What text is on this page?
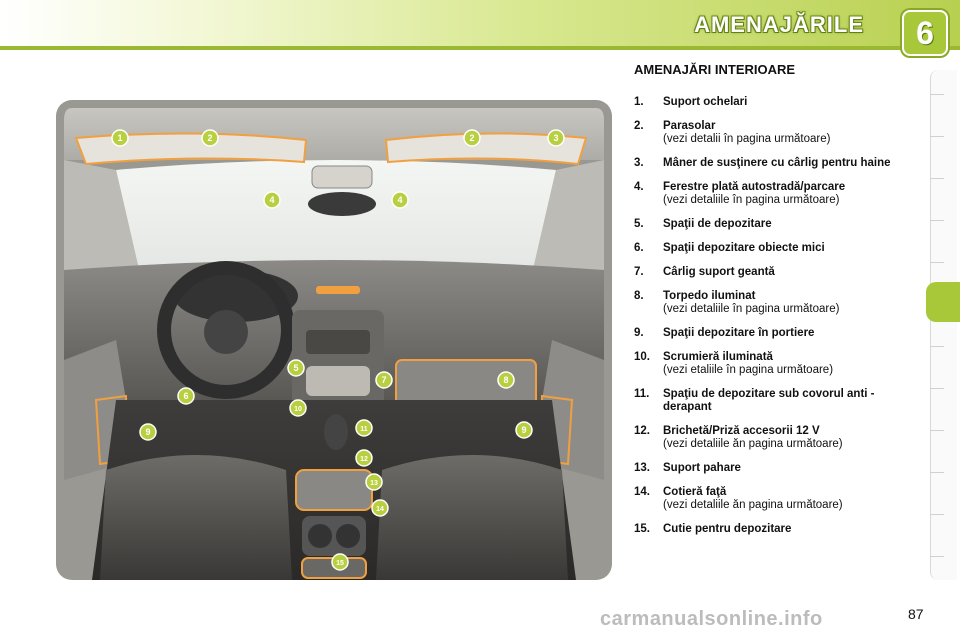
AMENAJĂRILE	6
1	2	2	3
4	4
5
6
7	8
9	9
10
11
12
13
14
15
AMENAJĂRI INTERIOARE
1. Suport ochelari
2. Parasolar
(vezi detalii în pagina următoare)
3. Mâner de susţinere cu cârlig pentru haine
4. Ferestre plată autostradă/parcare
(vezi detaliile în pagina următoare)
5. Spaţii de depozitare
6. Spaţii depozitare obiecte mici
7. Cârlig suport geantă
8. Torpedo iluminat
(vezi detaliile în pagina următoare)
9. Spaţii depozitare în portiere
10. Scrumieră iluminată
(vezi etaliile în pagina următoare)
11. Spaţiu de depozitare sub covorul anti - derapant
12. Brichetă/Priză accesorii 12 V
(vezi detaliile ăn pagina următoare)
13. Suport pahare
14. Cotieră faţă
(vezi detaliile ăn pagina următoare)
15. Cutie pentru depozitare
carmanualsonline.info	87
